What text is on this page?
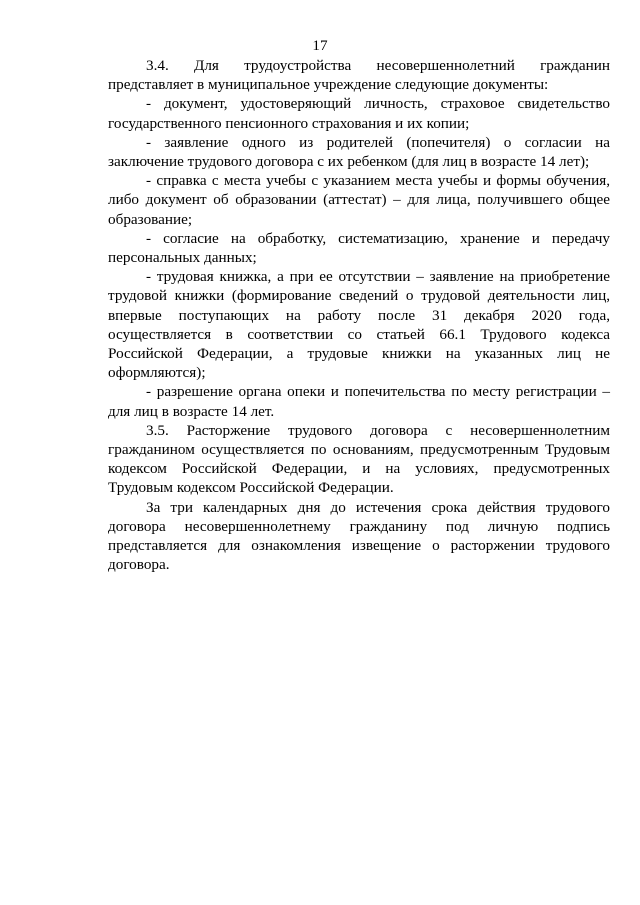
17

3.4. Для трудоустройства несовершеннолетний гражданин представляет в муниципальное учреждение следующие документы:

- документ, удостоверяющий личность, страховое свидетельство государственного пенсионного страхования и их копии;

- заявление одного из родителей (попечителя) о согласии на заключение трудового договора с их ребенком (для лиц в возрасте 14 лет);

- справка с места учебы с указанием места учебы и формы обучения, либо документ об образовании (аттестат) – для лица, получившего общее образование;

- согласие на обработку, систематизацию, хранение и передачу персональных данных;

- трудовая книжка, а при ее отсутствии – заявление на приобретение трудовой книжки (формирование сведений о трудовой деятельности лиц, впервые поступающих на работу после 31 декабря 2020 года, осуществляется в соответствии со статьей 66.1 Трудового кодекса Российской Федерации, а трудовые книжки на указанных лиц не оформляются);

- разрешение органа опеки и попечительства по месту регистрации – для лиц в возрасте 14 лет.

3.5. Расторжение трудового договора с несовершеннолетним гражданином осуществляется по основаниям, предусмотренным Трудовым кодексом Российской Федерации, и на условиях, предусмотренных Трудовым кодексом Российской Федерации.

За три календарных дня до истечения срока действия трудового договора несовершеннолетнему гражданину под личную подпись представляется для ознакомления извещение о расторжении трудового договора.
